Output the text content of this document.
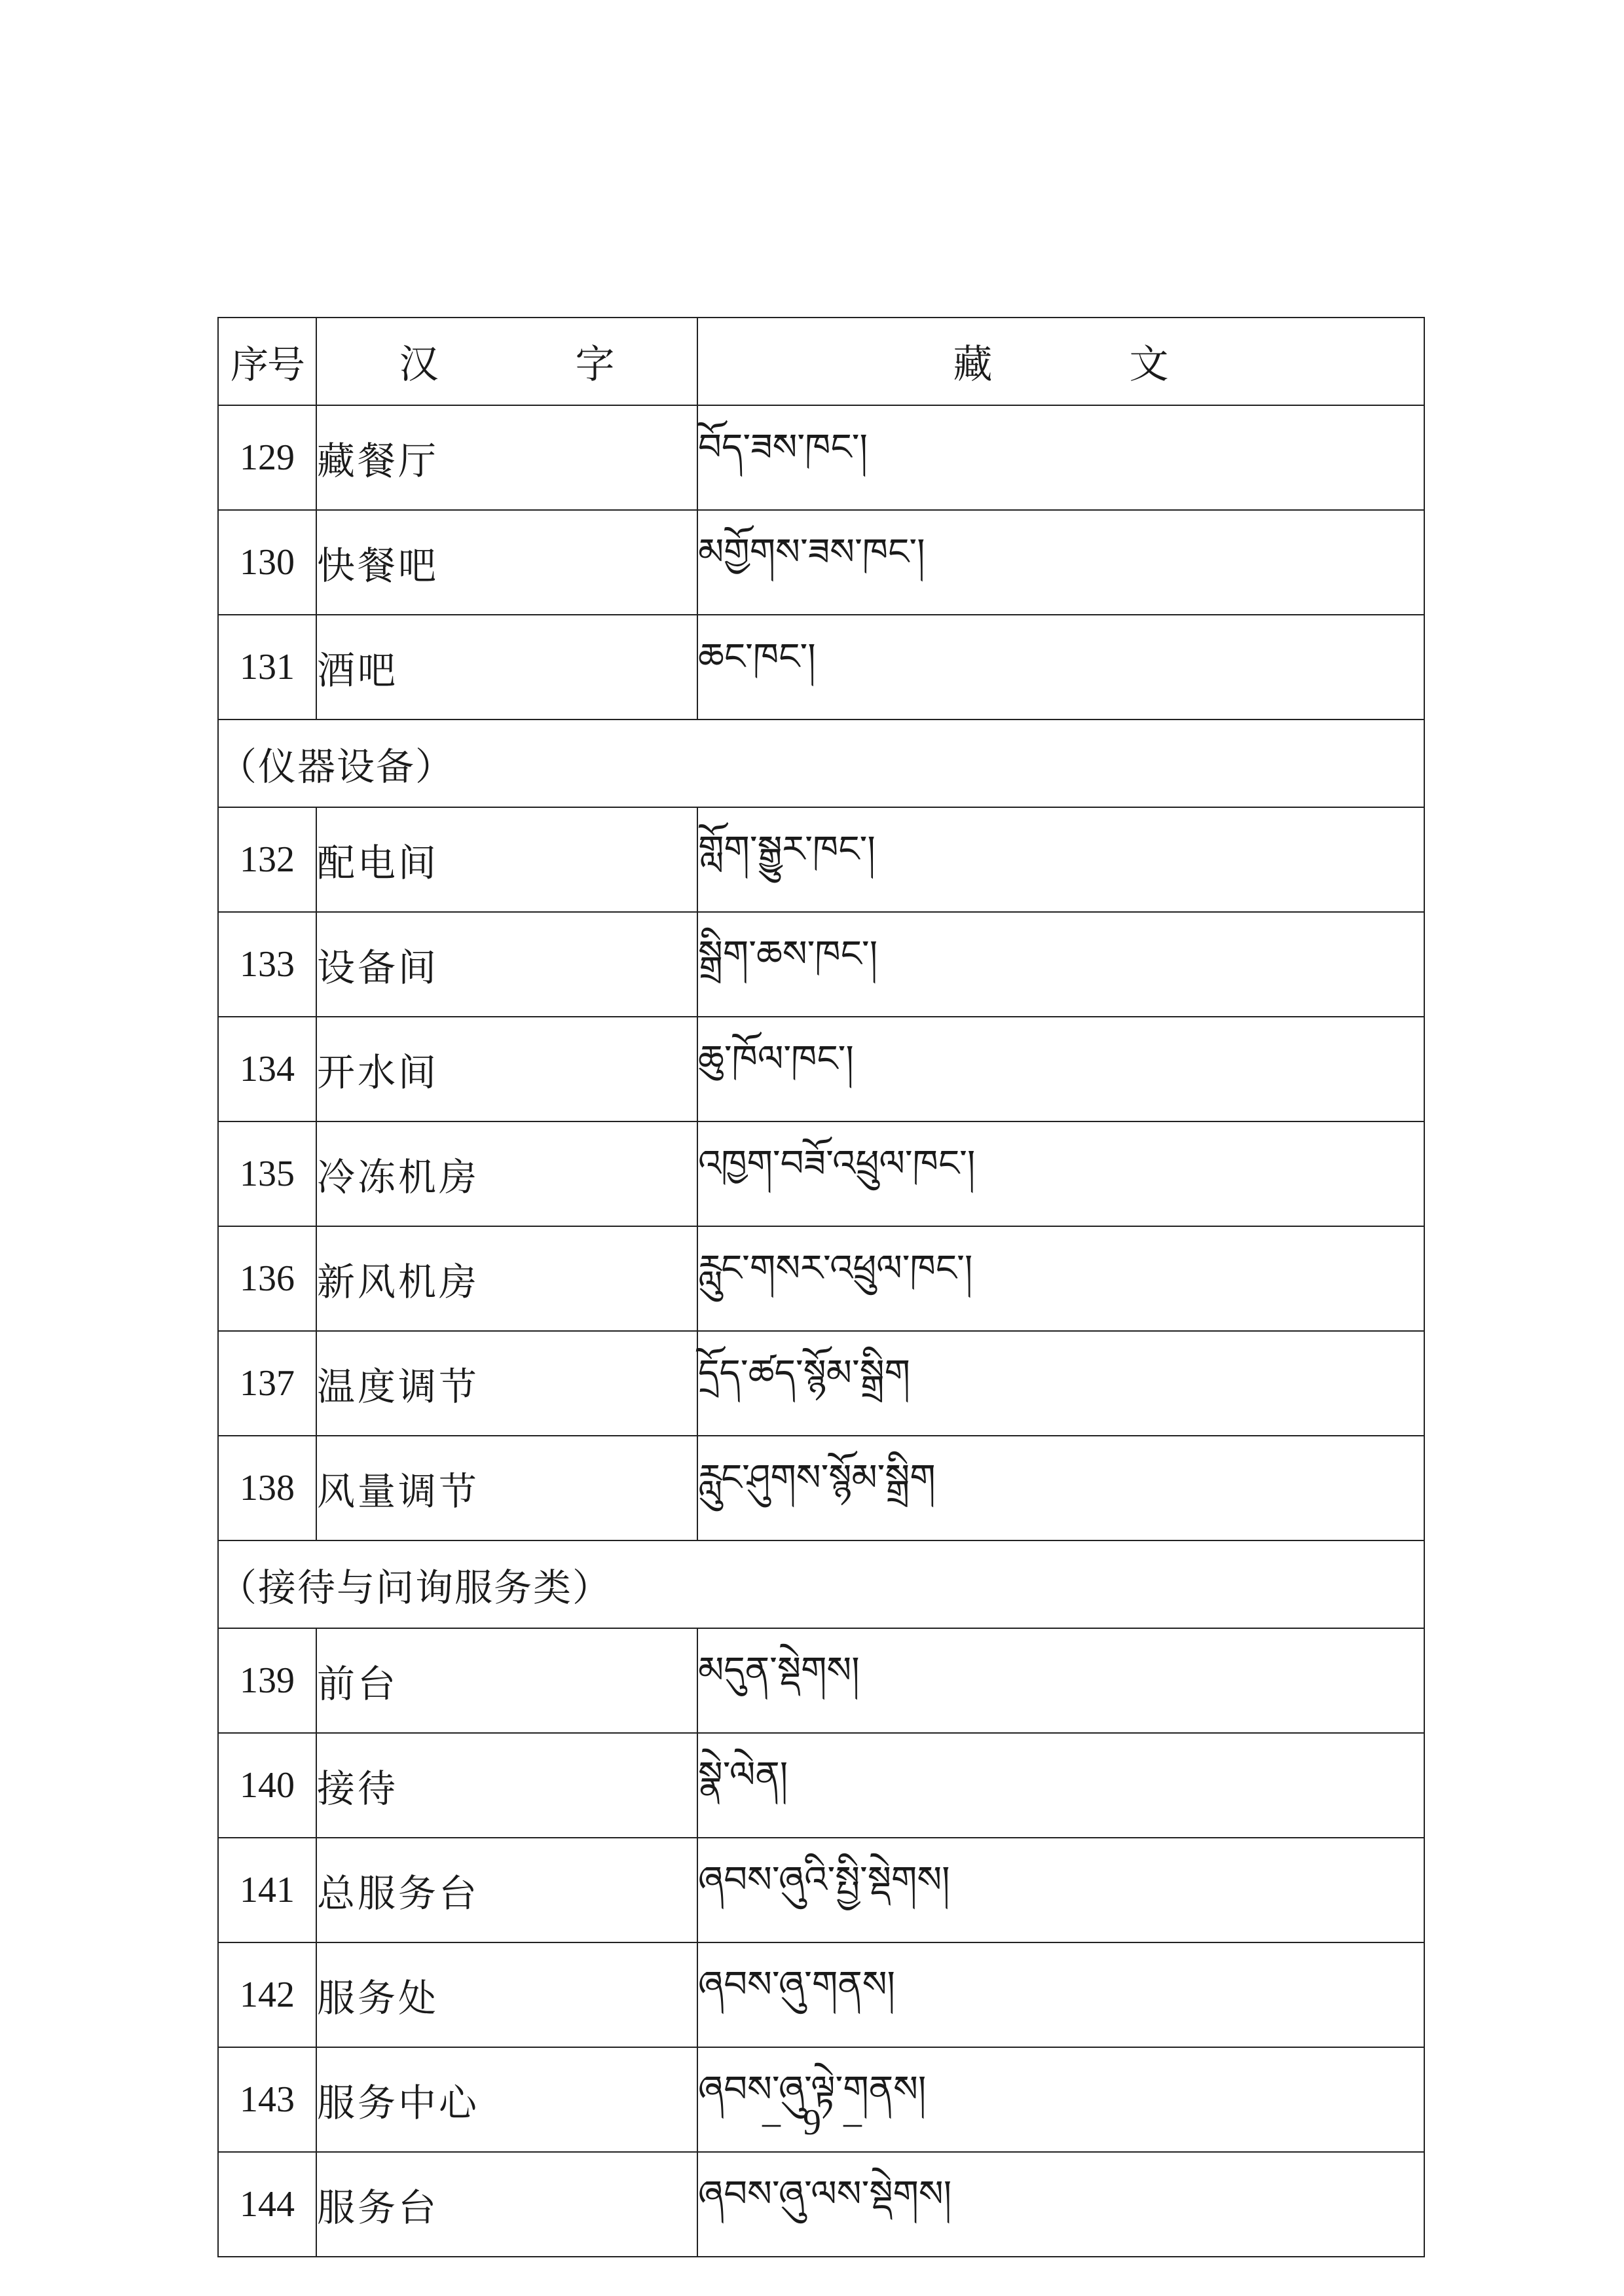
序号	汉 字	藏 文
129	藏餐厅	བོད་ཟས་ཁང་།
130	快餐吧	མགྱོགས་ཟས་ཁང་།
131	酒吧	ཆང་ཁང་།
（仪器设备）		
132	配电间	གློག་སྒྱུར་ཁང་།
133	设备间	སྒྲིག་ཆས་ཁང་།
134	开水间	ཆུ་ཁོལ་ཁང་།
135	冷冻机房	འཁྱག་བཟོ་འཕྲུལ་ཁང་།
136	新风机房	རླུང་གསར་འཕྲུལ་ཁང་།
137	温度调节	དྲོད་ཚད་སྙོམ་སྒྲིག
138	风量调节	རླུང་ཤུགས་སྙོམ་སྒྲིག
（接待与问询服务类）		
139	前台	མདུན་སྡེགས།
140	接待	སྣེ་ལེན།
141	总服务台	ཞབས་ཞུའི་སྤྱི་སྡེགས།
142	服务处	ཞབས་ཞུ་གནས།
143	服务中心	ཞབས་ཞུ་ལྟེ་གནས།
144	服务台	ཞབས་ཞུ་ལས་སྡེགས།
– 9 –
